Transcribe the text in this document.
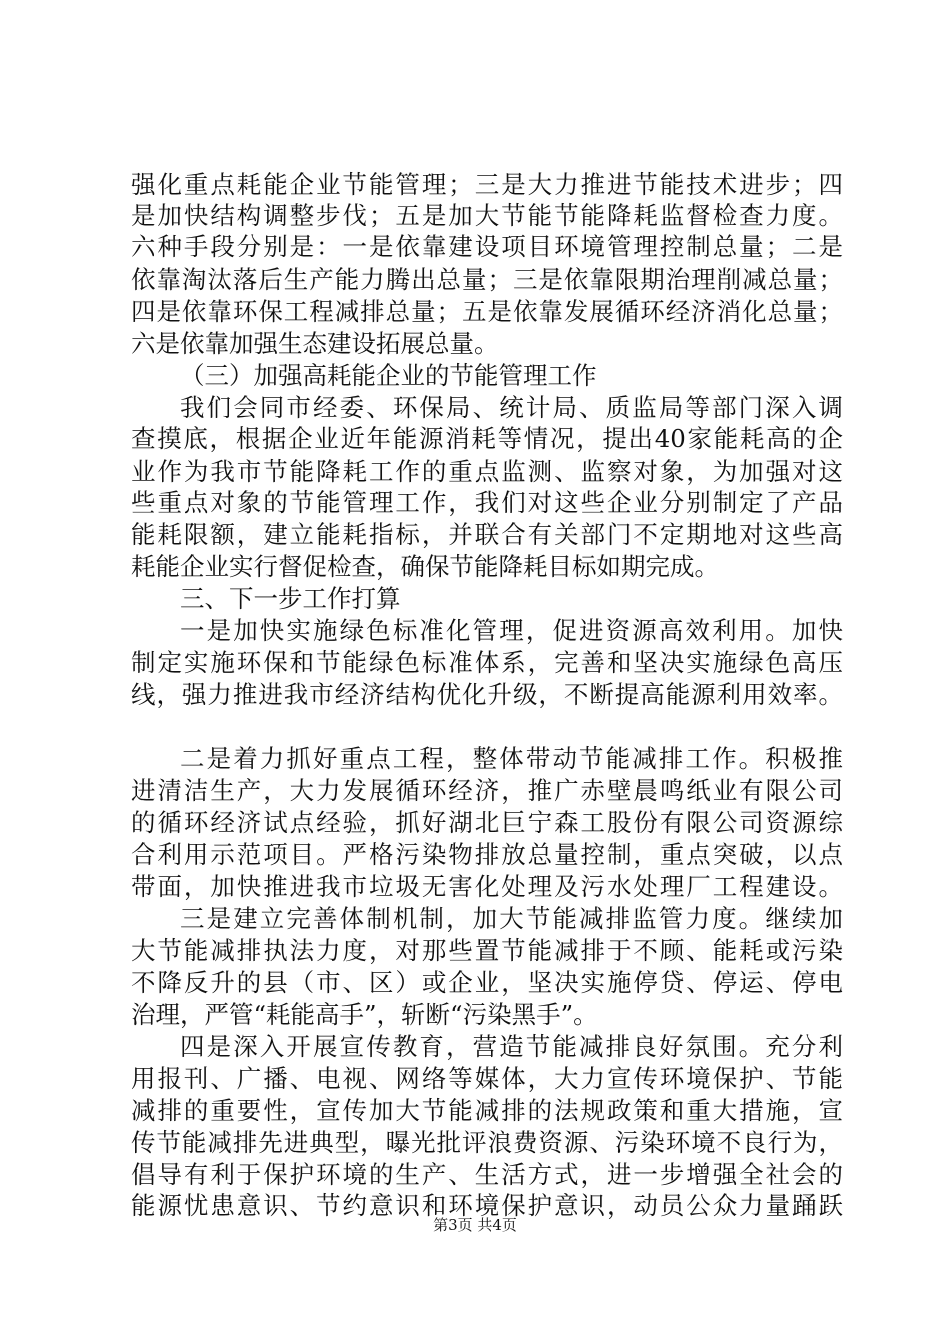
强化重点耗能企业节能管理；三是大力推进节能技术进步；四
是加快结构调整步伐；五是加大节能节能降耗监督检查力度。
六种手段分别是：一是依靠建设项目环境管理控制总量；二是
依靠淘汰落后生产能力腾出总量；三是依靠限期治理削减总量；
四是依靠环保工程减排总量；五是依靠发展循环经济消化总量；
六是依靠加强生态建设拓展总量。
（三）加强高耗能企业的节能管理工作
我们会同市经委、环保局、统计局、质监局等部门深入调
查摸底，根据企业近年能源消耗等情况，提出40家能耗高的企
业作为我市节能降耗工作的重点监测、监察对象，为加强对这
些重点对象的节能管理工作，我们对这些企业分别制定了产品
能耗限额，建立能耗指标，并联合有关部门不定期地对这些高
耗能企业实行督促检查，确保节能降耗目标如期完成。
三、下一步工作打算
一是加快实施绿色标准化管理，促进资源高效利用。加快
制定实施环保和节能绿色标准体系，完善和坚决实施绿色高压
线，强力推进我市经济结构优化升级，不断提高能源利用效率。
二是着力抓好重点工程，整体带动节能减排工作。积极推
进清洁生产，大力发展循环经济，推广赤壁晨鸣纸业有限公司
的循环经济试点经验，抓好湖北巨宁森工股份有限公司资源综
合利用示范项目。严格污染物排放总量控制，重点突破，以点
带面，加快推进我市垃圾无害化处理及污水处理厂工程建设。
三是建立完善体制机制，加大节能减排监管力度。继续加
大节能减排执法力度，对那些置节能减排于不顾、能耗或污染
不降反升的县（市、区）或企业，坚决实施停贷、停运、停电
治理，严管“耗能高手”，斩断“污染黑手”。
四是深入开展宣传教育，营造节能减排良好氛围。充分利
用报刊、广播、电视、网络等媒体，大力宣传环境保护、节能
减排的重要性，宣传加大节能减排的法规政策和重大措施，宣
传节能减排先进典型，曝光批评浪费资源、污染环境不良行为，
倡导有利于保护环境的生产、生活方式，进一步增强全社会的
能源忧患意识、节约意识和环境保护意识，动员公众力量踊跃
第3页 共4页
